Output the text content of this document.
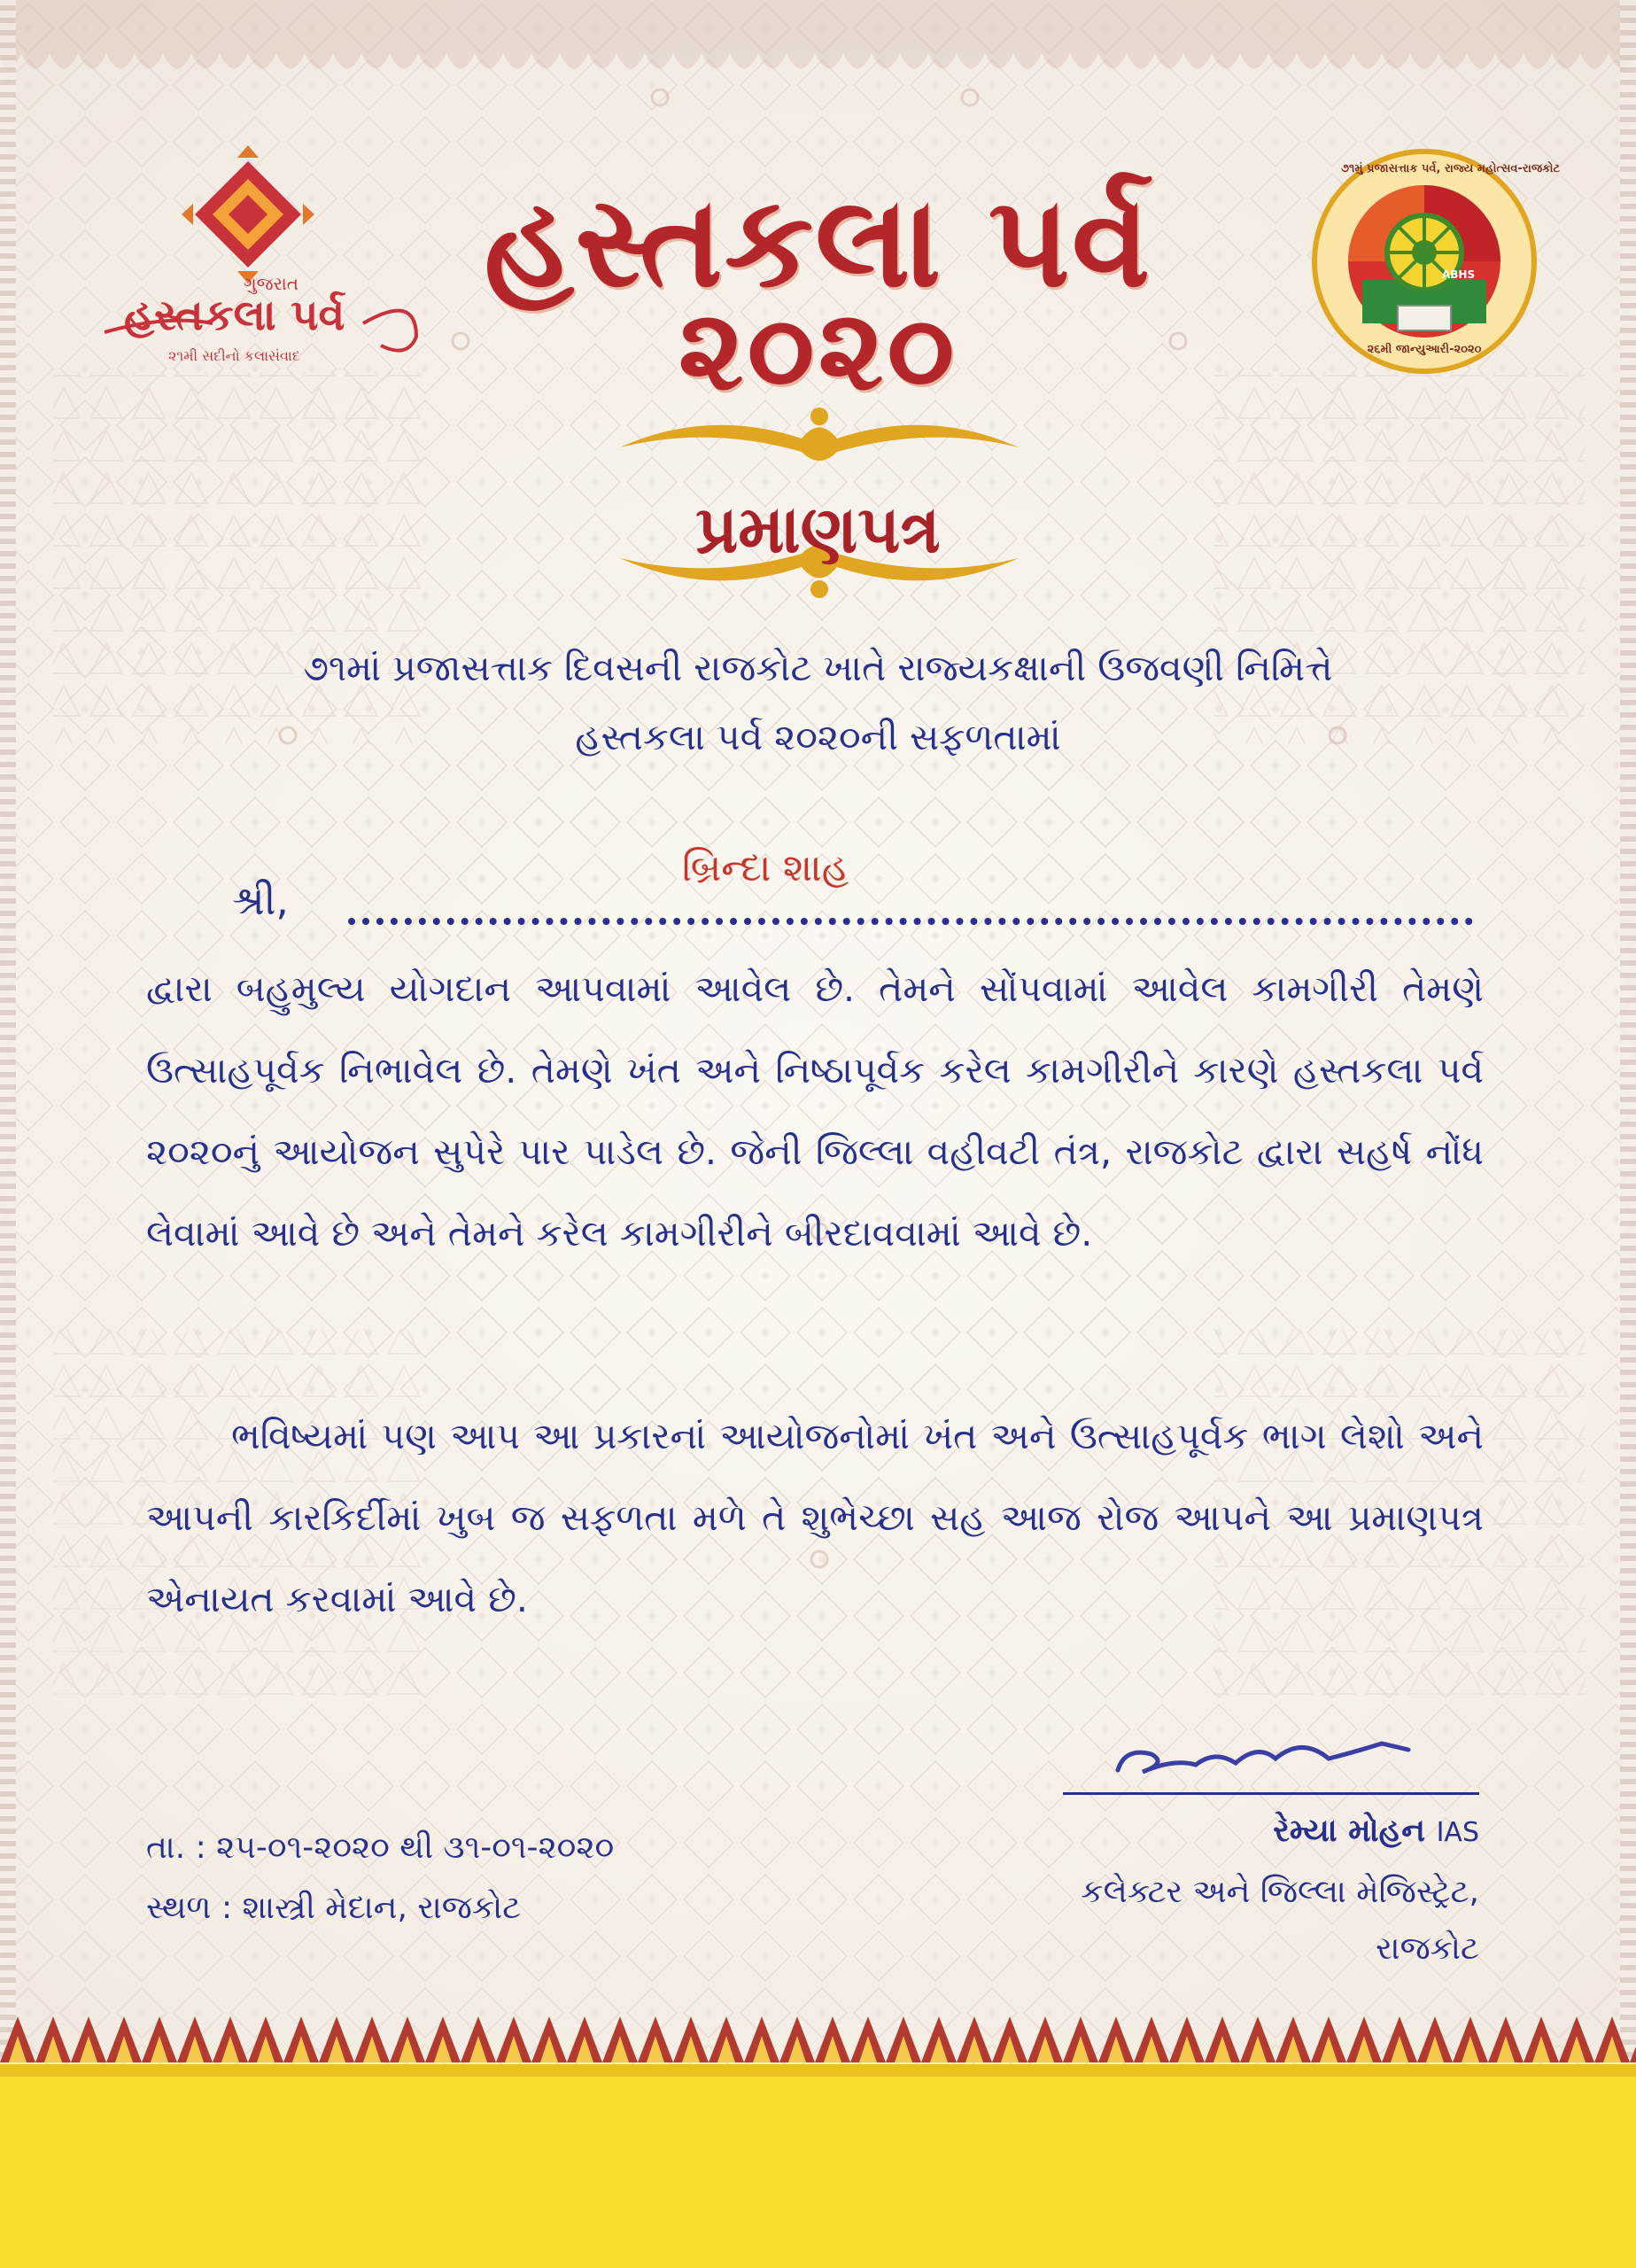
ગુજરાત
હસ્તકલા પર્વ
૨૧મી સદીનો કલાસંવાદ
૭૧મું પ્રજાસત્તાક પર્વ, રાજ્ય મહોત્સવ-રાજકોટ
ABHS
૨૬મી જાન્યુઆરી-૨૦૨૦
હસ્તકલા પર્વ
૨૦૨૦
પ્રમાણપત્ર
૭૧માં પ્રજાસત્તાક દિવસની રાજકોટ ખાતે રાજ્યકક્ષાની ઉજવણી નિમિત્તે
હસ્તકલા પર્વ ૨૦૨૦ની સફળતામાં
શ્રી,
બ્રિન્દા શાહ
દ્વારા બહુમુલ્ય યોગદાન આપવામાં આવેલ છે. તેમને સોંપવામાં આવેલ કામગીરી તેમણે ઉત્સાહપૂર્વક નિભાવેલ છે. તેમણે ખંત અને નિષ્ઠાપૂર્વક કરેલ કામગીરીને કારણે હસ્તકલા પર્વ ૨૦૨૦નું આયોજન સુપેરે પાર પાડેલ છે. જેની જિલ્લા વહીવટી તંત્ર, રાજકોટ દ્વારા સહર્ષ નોંધ લેવામાં આવે છે અને તેમને કરેલ કામગીરીને બીરદાવવામાં આવે છે.
ભવિષ્યમાં પણ આપ આ પ્રકારનાં આયોજનોમાં ખંત અને ઉત્સાહપૂર્વક ભાગ લેશો અને આપની કારકિર્દીમાં ખુબ જ સફળતા મળે તે શુભેચ્છા સહ આજ રોજ આપને આ પ્રમાણપત્ર એનાયત કરવામાં આવે છે.
તા. : ૨૫-૦૧-૨૦૨૦ થી ૩૧-૦૧-૨૦૨૦
સ્થળ : શાસ્ત્રી મેદાન, રાજકોટ
રેમ્યા મોહન IAS
કલેક્ટર અને જિલ્લા મેજિસ્ટ્રેટ,
રાજકોટ
